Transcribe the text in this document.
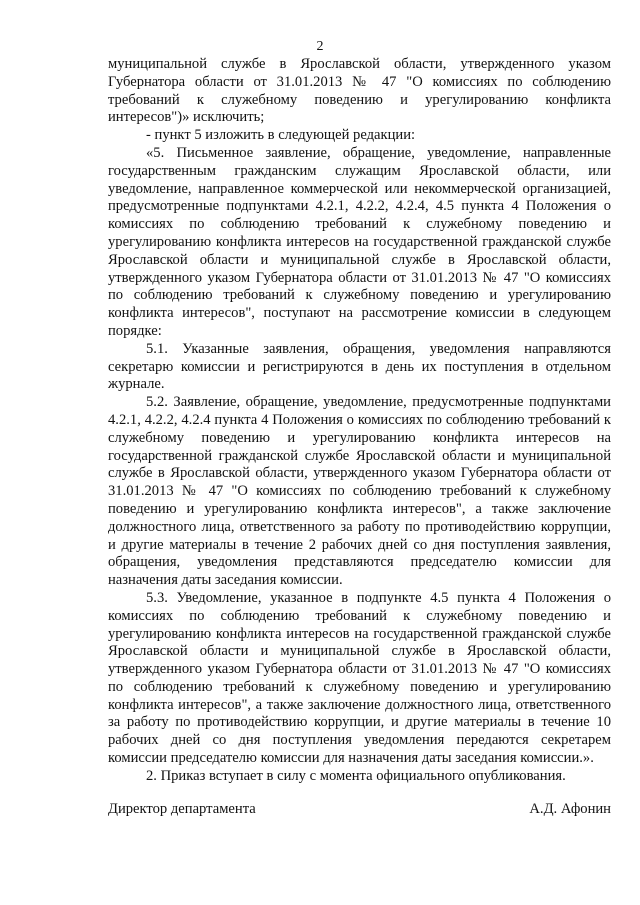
2

муниципальной службе в Ярославской области, утвержденного указом Губернатора области от 31.01.2013 № 47 "О комиссиях по соблюдению требований к служебному поведению и урегулированию конфликта интересов")» исключить;

- пункт 5 изложить в следующей редакции:

«5. Письменное заявление, обращение, уведомление, направленные государственным гражданским служащим Ярославской области, или уведомление, направленное коммерческой или некоммерческой организацией, предусмотренные подпунктами 4.2.1, 4.2.2, 4.2.4, 4.5 пункта 4 Положения о комиссиях по соблюдению требований к служебному поведению и урегулированию конфликта интересов на государственной гражданской службе Ярославской области и муниципальной службе в Ярославской области, утвержденного указом Губернатора области от 31.01.2013 № 47 "О комиссиях по соблюдению требований к служебному поведению и урегулированию конфликта интересов", поступают на рассмотрение комиссии в следующем порядке:

5.1. Указанные заявления, обращения, уведомления направляются секретарю комиссии и регистрируются в день их поступления в отдельном журнале.

5.2. Заявление, обращение, уведомление, предусмотренные подпунктами 4.2.1, 4.2.2, 4.2.4 пункта 4 Положения о комиссиях по соблюдению требований к служебному поведению и урегулированию конфликта интересов на государственной гражданской службе Ярославской области и муниципальной службе в Ярославской области, утвержденного указом Губернатора области от 31.01.2013 № 47 "О комиссиях по соблюдению требований к служебному поведению и урегулированию конфликта интересов", а также заключение должностного лица, ответственного за работу по противодействию коррупции, и другие материалы в течение 2 рабочих дней со дня поступления заявления, обращения, уведомления представляются председателю комиссии для назначения даты заседания комиссии.

5.3. Уведомление, указанное в подпункте 4.5 пункта 4 Положения о комиссиях по соблюдению требований к служебному поведению и урегулированию конфликта интересов на государственной гражданской службе Ярославской области и муниципальной службе в Ярославской области, утвержденного указом Губернатора области от 31.01.2013 № 47 "О комиссиях по соблюдению требований к служебному поведению и урегулированию конфликта интересов", а также заключение должностного лица, ответственного за работу по противодействию коррупции, и другие материалы в течение 10 рабочих дней со дня поступления уведомления передаются секретарем комиссии председателю комиссии для назначения даты заседания комиссии.».

2. Приказ вступает в силу с момента официального опубликования.

Директор департамента	А.Д. Афонин
